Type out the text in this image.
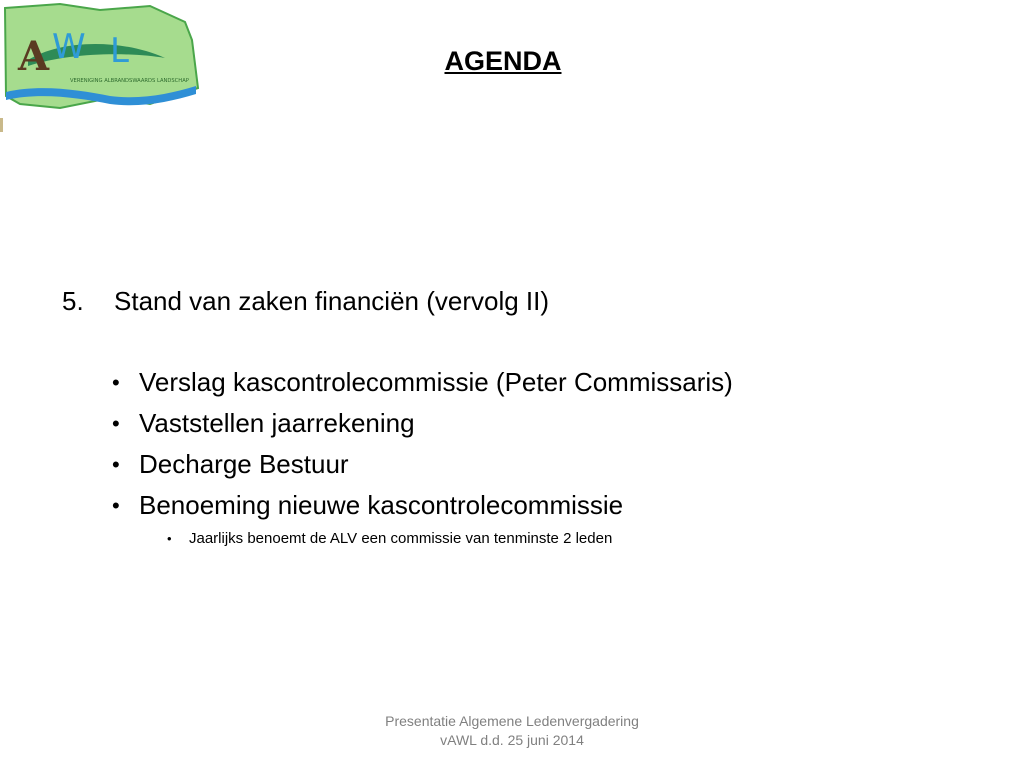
A W L
VERENIGING ALBRANDSWAARDS LANDSCHAP
AGENDA
5.	Stand van zaken financiën (vervolg II)
• Verslag kascontrolecommissie (Peter Commissaris)
• Vaststellen jaarrekening
• Decharge Bestuur
• Benoeming nieuwe kascontrolecommissie
• Jaarlijks benoemt de ALV een commissie van tenminste 2 leden
Presentatie Algemene Ledenvergadering
vAWL d.d. 25 juni 2014
